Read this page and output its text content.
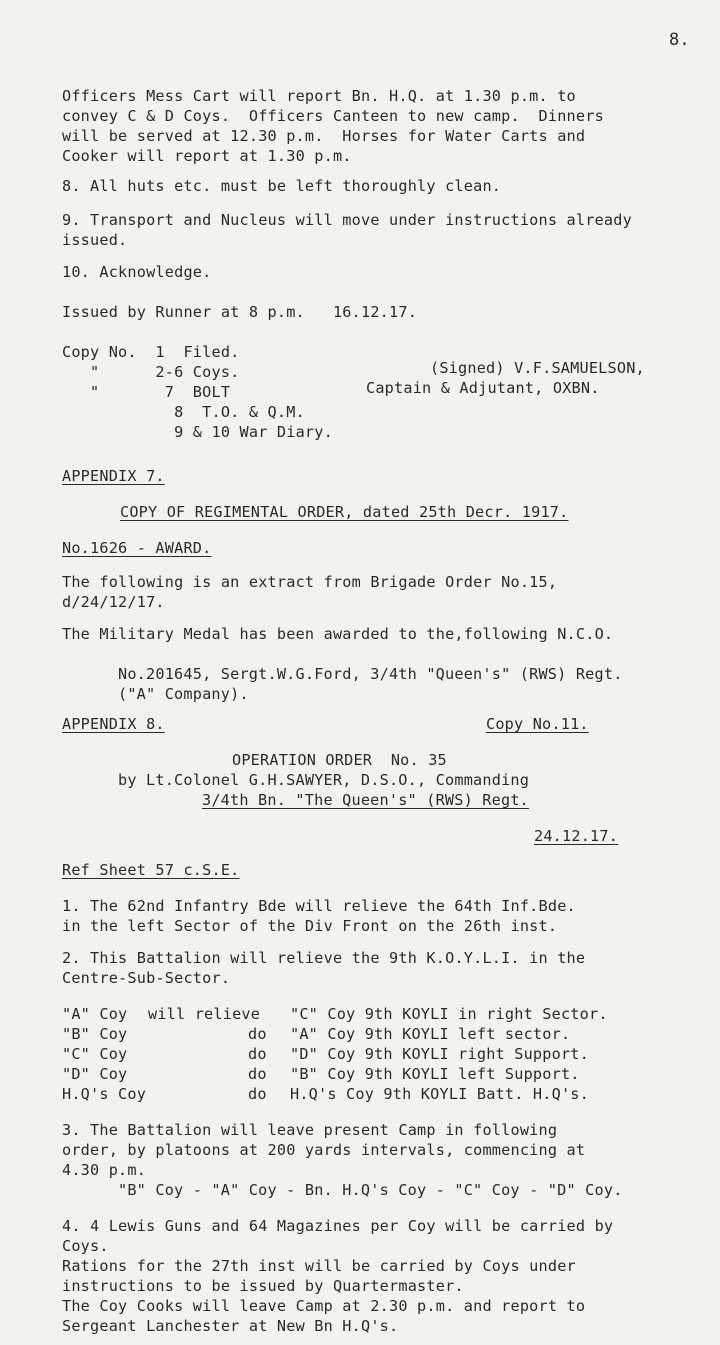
8.
Officers Mess Cart will report Bn. H.Q. at 1.30 p.m. to
convey C & D Coys.  Officers Canteen to new camp.  Dinners
will be served at 12.30 p.m.  Horses for Water Carts and
Cooker will report at 1.30 p.m.
8. All huts etc. must be left thoroughly clean.
9. Transport and Nucleus will move under instructions already
issued.
10. Acknowledge.
Issued by Runner at 8 p.m.   16.12.17.
Copy No.  1  Filed.
"      2-6 Coys.
"       7  BOLT
8  T.O. & Q.M.
9 & 10 War Diary.
(Signed) V.F.SAMUELSON,
Captain & Adjutant, OXBN.
APPENDIX 7.
COPY OF REGIMENTAL ORDER, dated 25th Decr. 1917.
No.1626 - AWARD.
The following is an extract from Brigade Order No.15,
d/24/12/17.
The Military Medal has been awarded to the,following N.C.O.
No.201645, Sergt.W.G.Ford, 3/4th "Queen's" (RWS) Regt.
("A" Company).
APPENDIX 8.	Copy No.11.
OPERATION ORDER  No. 35
by Lt.Colonel G.H.SAWYER, D.S.O., Commanding
3/4th Bn. "The Queen's" (RWS) Regt.
24.12.17.
Ref Sheet 57 c.S.E.
1. The 62nd Infantry Bde will relieve the 64th Inf.Bde.
in the left Sector of the Div Front on the 26th inst.
2. This Battalion will relieve the 9th K.O.Y.L.I. in the
Centre-Sub-Sector.
"A" Coy will relieve "C" Coy 9th KOYLI in right Sector.
"B" Coy	do "A" Coy 9th KOYLI left sector.
"C" Coy	do "D" Coy 9th KOYLI right Support.
"D" Coy	do "B" Coy 9th KOYLI left Support.
H.Q's Coy	do H.Q's Coy 9th KOYLI Batt. H.Q's.
3. The Battalion will leave present Camp in following
order, by platoons at 200 yards intervals, commencing at
4.30 p.m.
"B" Coy - "A" Coy - Bn. H.Q's Coy - "C" Coy - "D" Coy.
4. 4 Lewis Guns and 64 Magazines per Coy will be carried by
Coys.
Rations for the 27th inst will be carried by Coys under
instructions to be issued by Quartermaster.
The Coy Cooks will leave Camp at 2.30 p.m. and report to
Sergeant Lanchester at New Bn H.Q's.
